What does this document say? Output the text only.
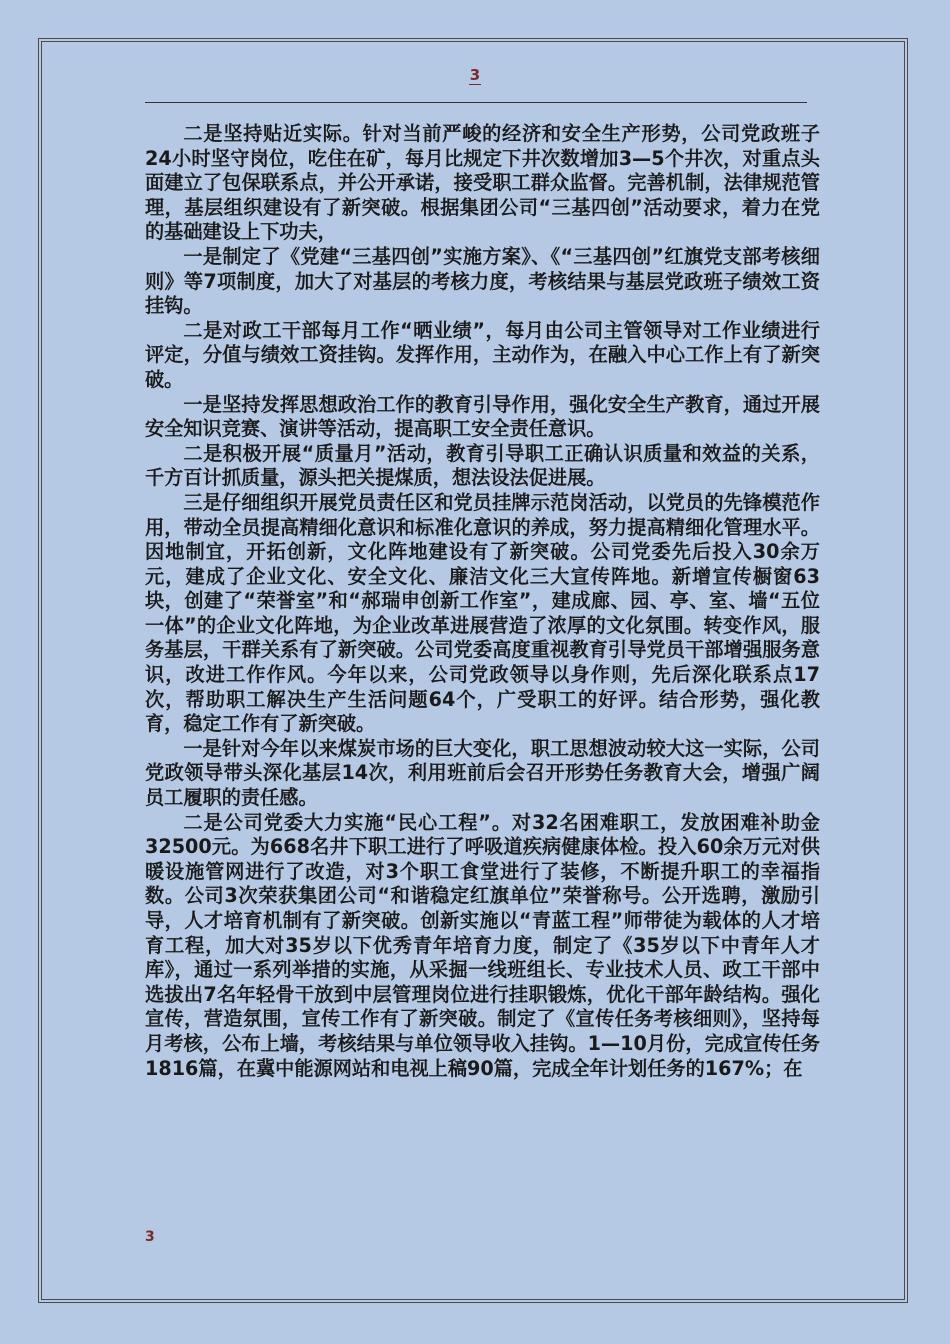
3

二是坚持贴近实际。针对当前严峻的经济和安全生产形势，公司党政班子24小时坚守岗位，吃住在矿，每月比规定下井次数增加3—5个井次，对重点头面建立了包保联系点，并公开承诺，接受职工群众监督。完善机制，法律规范管理，基层组织建设有了新突破。根据集团公司“三基四创”活动要求，着力在党的基础建设上下功夫，

一是制定了《党建“三基四创”实施方案》、《“三基四创”红旗党支部考核细则》等7项制度，加大了对基层的考核力度，考核结果与基层党政班子绩效工资挂钩。

二是对政工干部每月工作“晒业绩”，每月由公司主管领导对工作业绩进行评定，分值与绩效工资挂钩。发挥作用，主动作为，在融入中心工作上有了新突破。

一是坚持发挥思想政治工作的教育引导作用，强化安全生产教育，通过开展安全知识竞赛、演讲等活动，提高职工安全责任意识。

二是积极开展“质量月”活动，教育引导职工正确认识质量和效益的关系，千方百计抓质量，源头把关提煤质，想法设法促进展。

三是仔细组织开展党员责任区和党员挂牌示范岗活动，以党员的先锋模范作用，带动全员提高精细化意识和标准化意识的养成，努力提高精细化管理水平。因地制宜，开拓创新，文化阵地建设有了新突破。公司党委先后投入30余万元，建成了企业文化、安全文化、廉洁文化三大宣传阵地。新增宣传橱窗63块，创建了“荣誉室”和“郝瑞申创新工作室”，建成廊、园、亭、室、墙“五位一体”的企业文化阵地，为企业改革进展营造了浓厚的文化氛围。转变作风，服务基层，干群关系有了新突破。公司党委高度重视教育引导党员干部增强服务意识，改进工作作风。今年以来，公司党政领导以身作则，先后深化联系点17次，帮助职工解决生产生活问题64个，广受职工的好评。结合形势，强化教育，稳定工作有了新突破。

一是针对今年以来煤炭市场的巨大变化，职工思想波动较大这一实际，公司党政领导带头深化基层14次，利用班前后会召开形势任务教育大会，增强广阔员工履职的责任感。

二是公司党委大力实施“民心工程”。对32名困难职工，发放困难补助金32500元。为668名井下职工进行了呼吸道疾病健康体检。投入60余万元对供暖设施管网进行了改造，对3个职工食堂进行了装修，不断提升职工的幸福指数。公司3次荣获集团公司“和谐稳定红旗单位”荣誉称号。公开选聘，激励引导，人才培育机制有了新突破。创新实施以“青蓝工程”师带徒为载体的人才培育工程，加大对35岁以下优秀青年培育力度，制定了《35岁以下中青年人才库》，通过一系列举措的实施，从采掘一线班组长、专业技术人员、政工干部中选拔出7名年轻骨干放到中层管理岗位进行挂职锻炼，优化干部年龄结构。强化宣传，营造氛围，宣传工作有了新突破。制定了《宣传任务考核细则》，坚持每月考核，公布上墙，考核结果与单位领导收入挂钩。1—10月份，完成宣传任务1816篇，在冀中能源网站和电视上稿90篇，完成全年计划任务的167%；在

3
